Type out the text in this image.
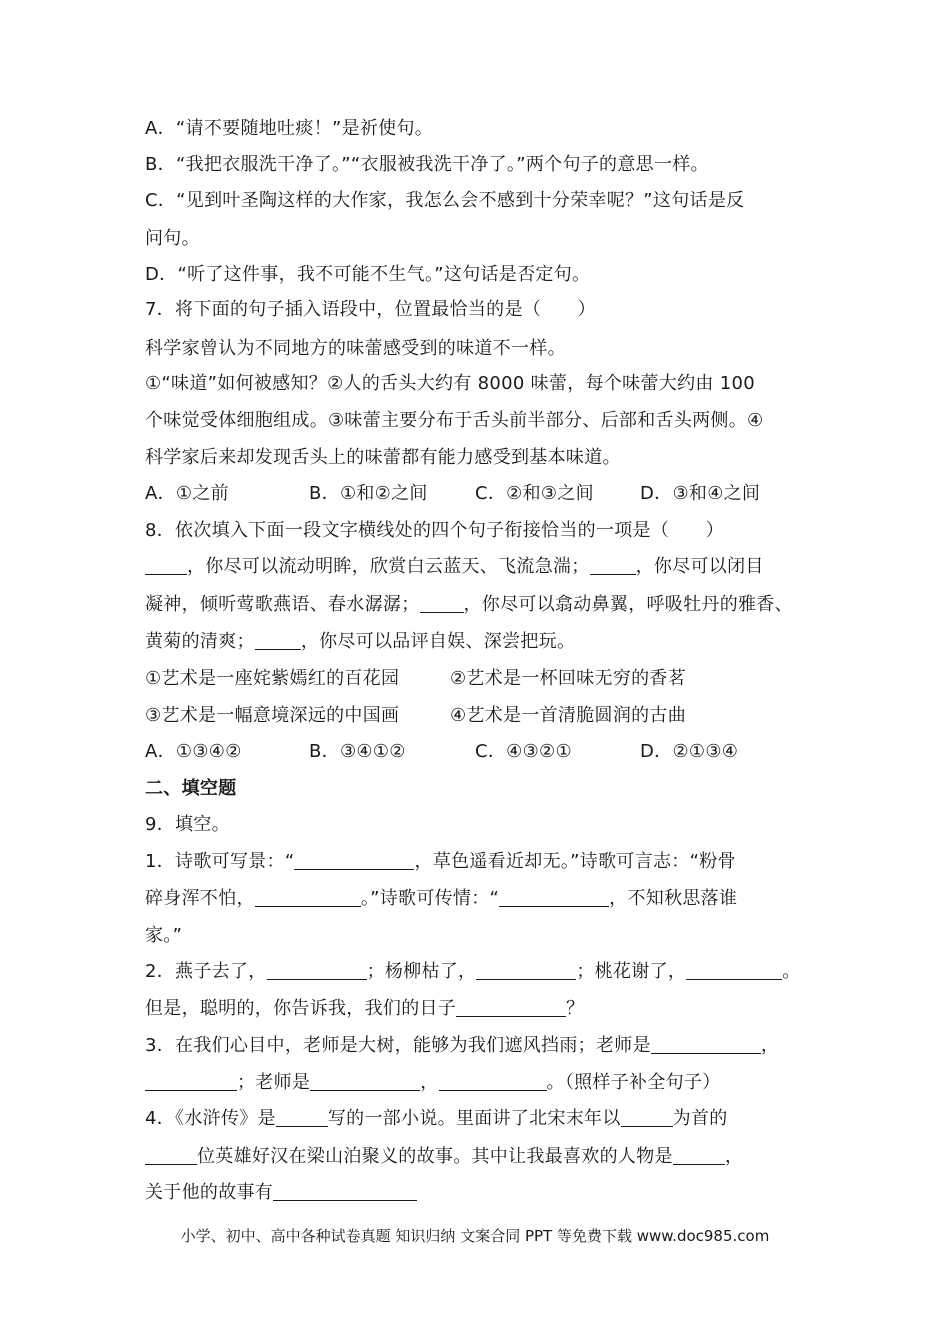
A．“请不要随地吐痰！”是祈使句。
B．“我把衣服洗干净了。”“衣服被我洗干净了。”两个句子的意思一样。
C．“见到叶圣陶这样的大作家，我怎么会不感到十分荣幸呢？”这句话是反
问句。
D．“听了这件事，我不可能不生气。”这句话是否定句。
7．将下面的句子插入语段中，位置最恰当的是（　　）
科学家曾认为不同地方的味蕾感受到的味道不一样。
①“味道”如何被感知？②人的舌头大约有 8000 味蕾，每个味蕾大约由 100
个味觉受体细胞组成。③味蕾主要分布于舌头前半部分、后部和舌头两侧。④
科学家后来却发现舌头上的味蕾都有能力感受到基本味道。
A．①之前	B．①和②之间	C．②和③之间	D．③和④之间
8．依次填入下面一段文字横线处的四个句子衔接恰当的一项是（　　）
，你尽可以流动明眸，欣赏白云蓝天、飞流急湍；	，你尽可以闭目
凝神，倾听莺歌燕语、春水潺潺； ，你尽可以翕动鼻翼，呼吸牡丹的雅香、
黄菊的清爽；	，你尽可以品评自娱、深尝把玩。
①艺术是一座姹紫嫣红的百花园	②艺术是一杯回味无穷的香茗
③艺术是一幅意境深远的中国画	④艺术是一首清脆圆润的古曲
A．①③④②	B．③④①②	C．④③②①	D．②①③④
二、填空题
9．填空。
1．诗歌可写景：“	，草色遥看近却无。”诗歌可言志：“粉骨
碎身浑不怕，	。”诗歌可传情：“	，不知秋思落谁
家。”
2．燕子去了，	；杨柳枯了，	；桃花谢了，	。
但是，聪明的，你告诉我，我们的日子	？
3．在我们心目中，老师是大树，能够为我们遮风挡雨；老师是	，
；老师是	，	。（照样子补全句子）
4．《水浒传》是	写的一部小说。里面讲了北宋末年以	为首的
位英雄好汉在梁山泊聚义的故事。其中让我最喜欢的人物是	，
关于他的故事有
小学、初中、高中各种试卷真题 知识归纳 文案合同 PPT 等免费下载 www.doc985.com
